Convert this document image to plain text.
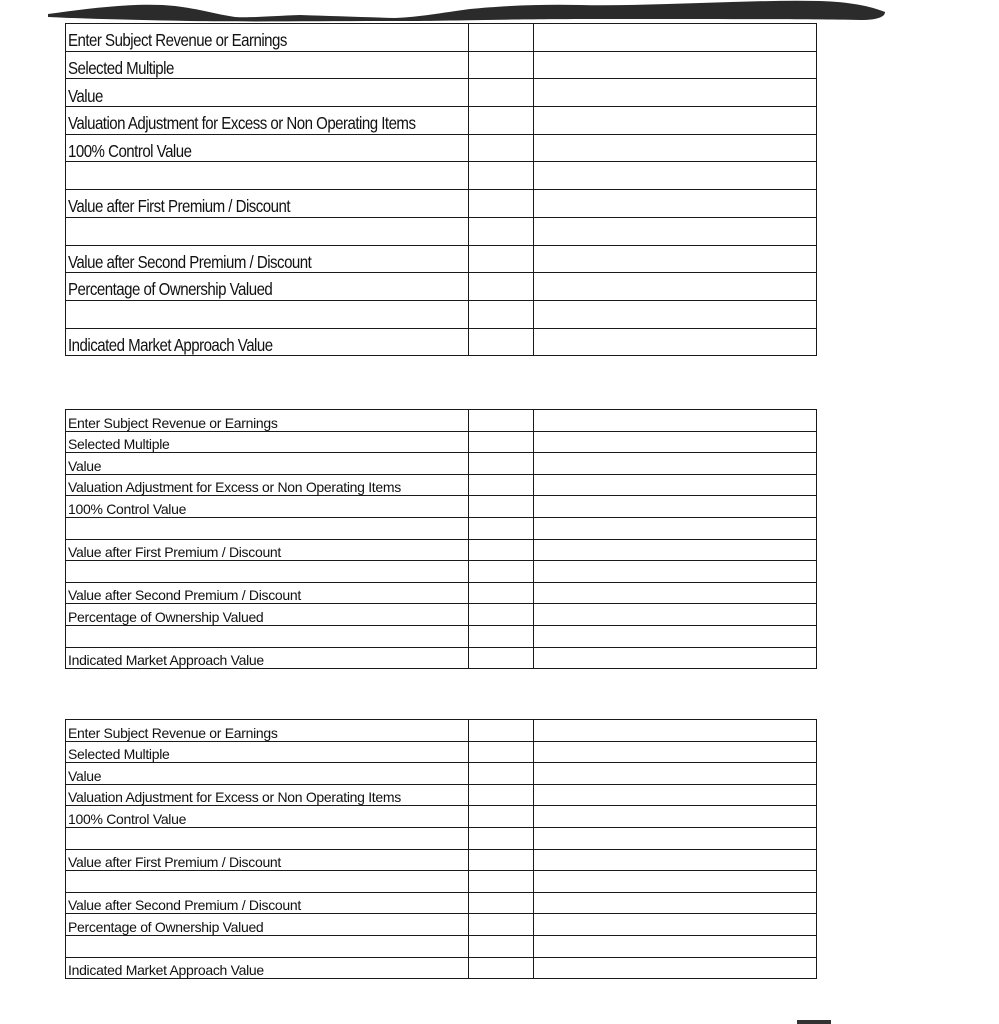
Enter Subject Revenue or Earnings		
Selected Multiple		
Value		
Valuation Adjustment for Excess or Non Operating Items		
100% Control Value		

Value after First Premium / Discount		

Value after Second Premium / Discount		
Percentage of Ownership Valued		

Indicated Market Approach Value		
Enter Subject Revenue or Earnings		
Selected Multiple		
Value		
Valuation Adjustment for Excess or Non Operating Items		
100% Control Value		

Value after First Premium / Discount		

Value after Second Premium / Discount		
Percentage of Ownership Valued		

Indicated Market Approach Value		
Enter Subject Revenue or Earnings		
Selected Multiple		
Value		
Valuation Adjustment for Excess or Non Operating Items		
100% Control Value		

Value after First Premium / Discount		

Value after Second Premium / Discount		
Percentage of Ownership Valued		

Indicated Market Approach Value		
